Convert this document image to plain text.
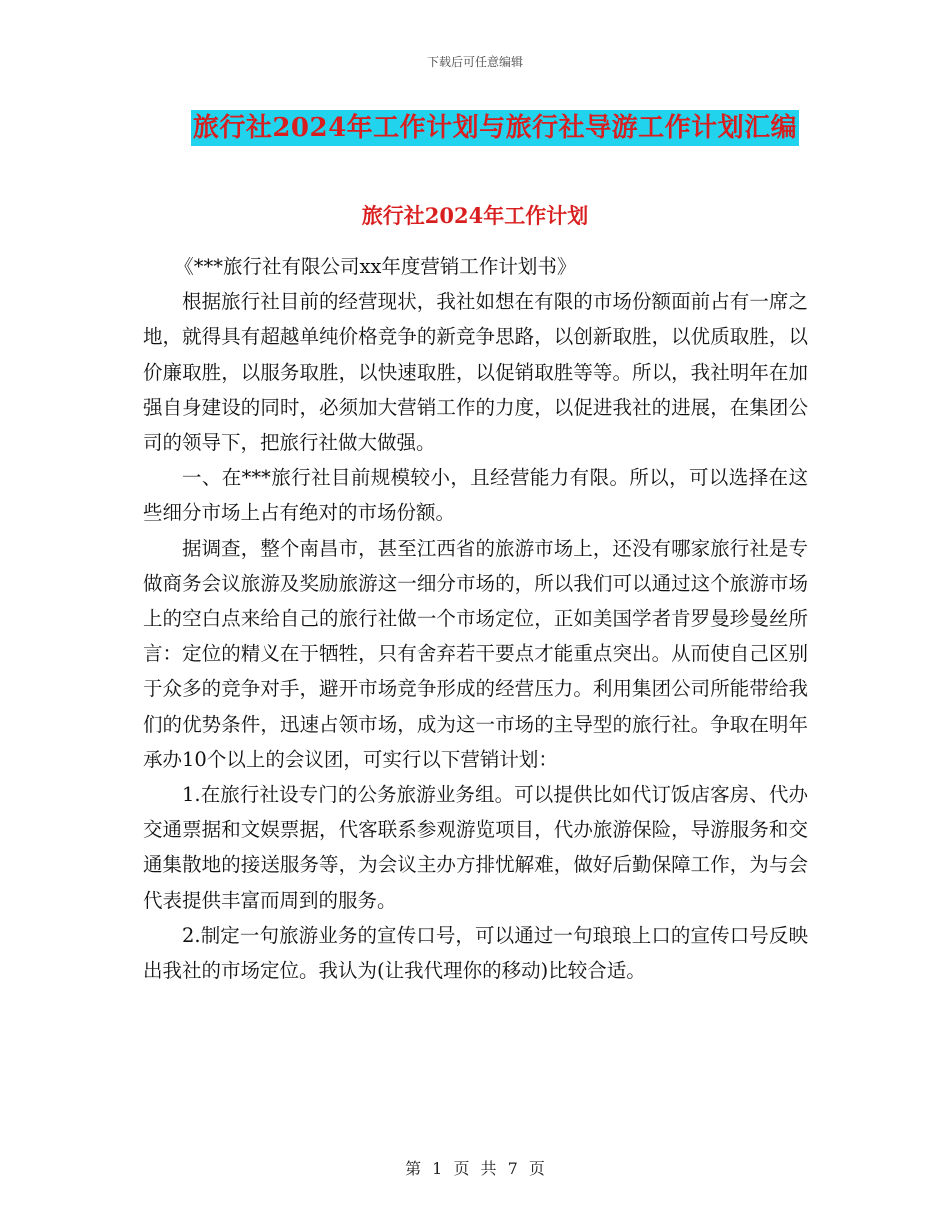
下载后可任意编辑
旅行社2024年工作计划与旅行社导游工作计划汇编
旅行社2024年工作计划

《***旅行社有限公司xx年度营销工作计划书》

根据旅行社目前的经营现状，我社如想在有限的市场份额面前占有一席之地，就得具有超越单纯价格竞争的新竞争思路，以创新取胜，以优质取胜，以价廉取胜，以服务取胜，以快速取胜，以促销取胜等等。所以，我社明年在加强自身建设的同时，必须加大营销工作的力度，以促进我社的进展，在集团公司的领导下，把旅行社做大做强。

一、在***旅行社目前规模较小，且经营能力有限。所以，可以选择在这些细分市场上占有绝对的市场份额。

据调查，整个南昌市，甚至江西省的旅游市场上，还没有哪家旅行社是专做商务会议旅游及奖励旅游这一细分市场的，所以我们可以通过这个旅游市场上的空白点来给自己的旅行社做一个市场定位，正如美国学者肯罗曼珍曼丝所言：定位的精义在于牺牲，只有舍弃若干要点才能重点突出。从而使自己区别于众多的竞争对手，避开市场竞争形成的经营压力。利用集团公司所能带给我们的优势条件，迅速占领市场，成为这一市场的主导型的旅行社。争取在明年承办10个以上的会议团，可实行以下营销计划：

1.在旅行社设专门的公务旅游业务组。可以提供比如代订饭店客房、代办交通票据和文娱票据，代客联系参观游览项目，代办旅游保险，导游服务和交通集散地的接送服务等，为会议主办方排忧解难，做好后勤保障工作，为与会代表提供丰富而周到的服务。

2.制定一句旅游业务的宣传口号，可以通过一句琅琅上口的宣传口号反映出我社的市场定位。我认为(让我代理你的移动)比较合适。

第 1 页 共 7 页
